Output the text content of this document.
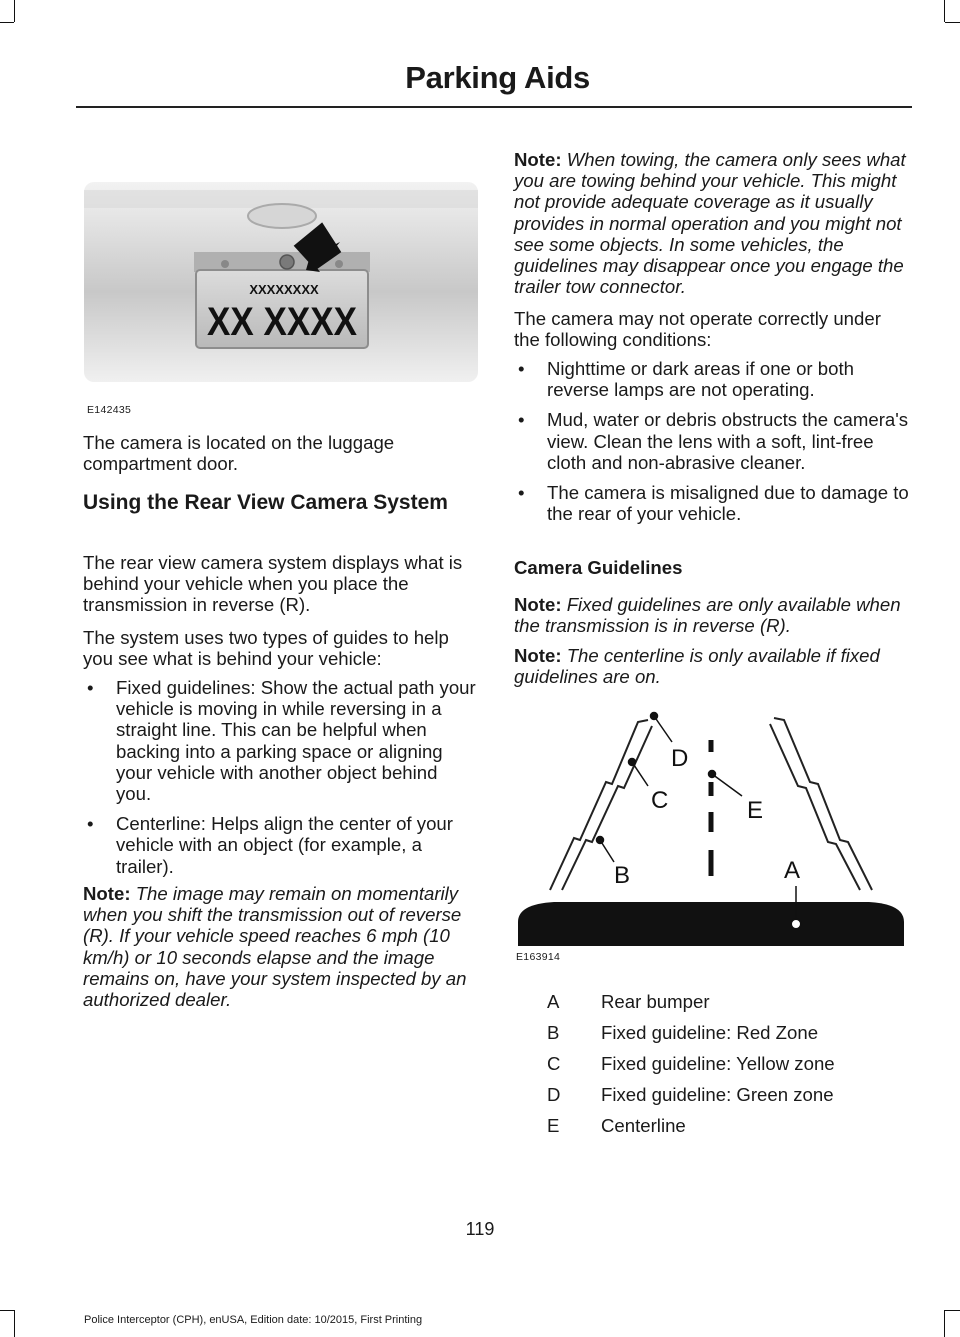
Parking Aids
XXXXXXXX
XX XXXX
E142435

The camera is located on the luggage compartment door.

Using the Rear View Camera System

The rear view camera system displays what is behind your vehicle when you place the transmission in reverse (R).

The system uses two types of guides to help you see what is behind your vehicle:

• Fixed guidelines: Show the actual path your vehicle is moving in while reversing in a straight line. This can be helpful when backing into a parking space or aligning your vehicle with another object behind you.
• Centerline: Helps align the center of your vehicle with an object (for example, a trailer).

Note: The image may remain on momentarily when you shift the transmission out of reverse (R). If your vehicle speed reaches 6 mph (10 km/h) or 10 seconds elapse and the image remains on, have your system inspected by an authorized dealer.

Note: When towing, the camera only sees what you are towing behind your vehicle. This might not provide adequate coverage as it usually provides in normal operation and you might not see some objects. In some vehicles, the guidelines may disappear once you engage the trailer tow connector.

The camera may not operate correctly under the following conditions:

• Nighttime or dark areas if one or both reverse lamps are not operating.
• Mud, water or debris obstructs the camera's view. Clean the lens with a soft, lint-free cloth and non-abrasive cleaner.
• The camera is misaligned due to damage to the rear of your vehicle.
Camera Guidelines

Note: Fixed guidelines are only available when the transmission is in reverse (R).

Note: The centerline is only available if fixed guidelines are on.

D
C
B
E
A
E163914
A Rear bumper
B Fixed guideline: Red Zone
C Fixed guideline: Yellow zone
D Fixed guideline: Green zone
E Centerline
119
Police Interceptor (CPH), enUSA, Edition date: 10/2015, First Printing
